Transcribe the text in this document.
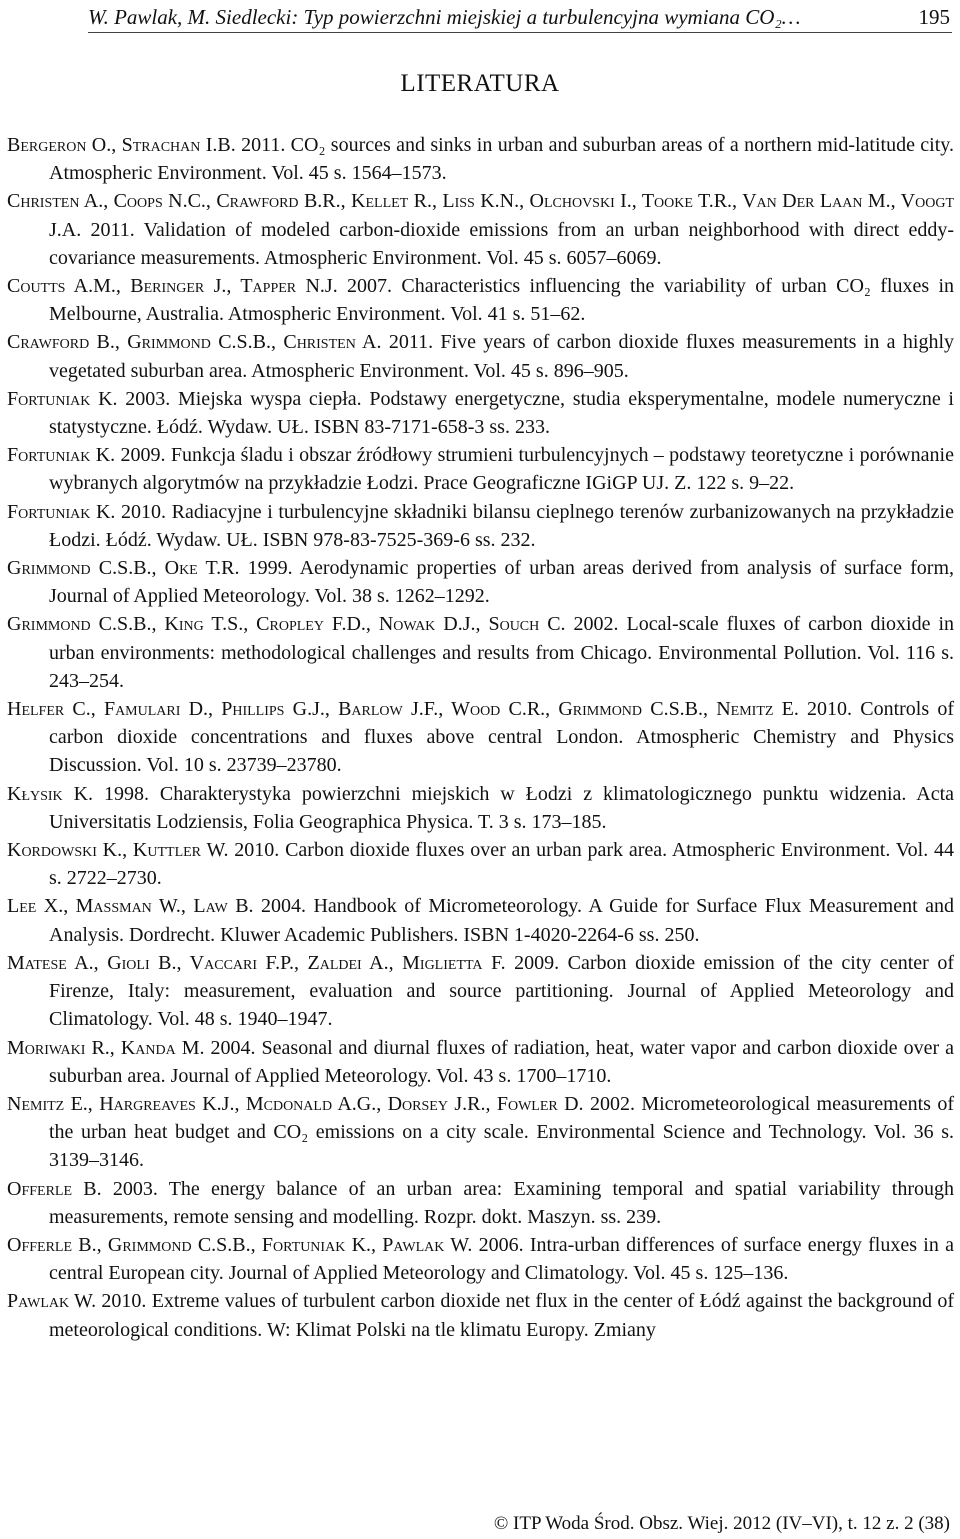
W. Pawlak, M. Siedlecki: Typ powierzchni miejskiej a turbulencyjna wymiana CO₂…	195
LITERATURA
Bergeron O., Strachan I.B. 2011. CO₂ sources and sinks in urban and suburban areas of a northern mid-latitude city. Atmospheric Environment. Vol. 45 s. 1564–1573.
Christen A., Coops N.C., Crawford B.R., Kellet R., Liss K.N., Olchovski I., Tooke T.R., Van Der Laan M., Voogt J.A. 2011. Validation of modeled carbon-dioxide emissions from an urban neighborhood with direct eddy-covariance measurements. Atmospheric Environment. Vol. 45 s. 6057–6069.
Coutts A.M., Beringer J., Tapper N.J. 2007. Characteristics influencing the variability of urban CO₂ fluxes in Melbourne, Australia. Atmospheric Environment. Vol. 41 s. 51–62.
Crawford B., Grimmond C.S.B., Christen A. 2011. Five years of carbon dioxide fluxes measurements in a highly vegetated suburban area. Atmospheric Environment. Vol. 45 s. 896–905.
Fortuniak K. 2003. Miejska wyspa ciepła. Podstawy energetyczne, studia eksperymentalne, modele numeryczne i statystyczne. Łódź. Wydaw. UŁ. ISBN 83-7171-658-3 ss. 233.
Fortuniak K. 2009. Funkcja śladu i obszar źródłowy strumieni turbulencyjnych – podstawy teoretyczne i porównanie wybranych algorytmów na przykładzie Łodzi. Prace Geograficzne IGiGP UJ. Z. 122 s. 9–22.
Fortuniak K. 2010. Radiacyjne i turbulencyjne składniki bilansu cieplnego terenów zurbanizowanych na przykładzie Łodzi. Łódź. Wydaw. UŁ. ISBN 978-83-7525-369-6 ss. 232.
Grimmond C.S.B., Oke T.R. 1999. Aerodynamic properties of urban areas derived from analysis of surface form, Journal of Applied Meteorology. Vol. 38 s. 1262–1292.
Grimmond C.S.B., King T.S., Cropley F.D., Nowak D.J., Souch C. 2002. Local-scale fluxes of carbon dioxide in urban environments: methodological challenges and results from Chicago. Environmental Pollution. Vol. 116 s. 243–254.
Helfer C., Famulari D., Phillips G.J., Barlow J.F., Wood C.R., Grimmond C.S.B., Nemitz E. 2010. Controls of carbon dioxide concentrations and fluxes above central London. Atmospheric Chemistry and Physics Discussion. Vol. 10 s. 23739–23780.
Kłysik K. 1998. Charakterystyka powierzchni miejskich w Łodzi z klimatologicznego punktu widzenia. Acta Universitatis Lodziensis, Folia Geographica Physica. T. 3 s. 173–185.
Kordowski K., Kuttler W. 2010. Carbon dioxide fluxes over an urban park area. Atmospheric Environment. Vol. 44 s. 2722–2730.
Lee X., Massman W., Law B. 2004. Handbook of Micrometeorology. A Guide for Surface Flux Measurement and Analysis. Dordrecht. Kluwer Academic Publishers. ISBN 1-4020-2264-6 ss. 250.
Matese A., Gioli B., Vaccari F.P., Zaldei A., Miglietta F. 2009. Carbon dioxide emission of the city center of Firenze, Italy: measurement, evaluation and source partitioning. Journal of Applied Meteorology and Climatology. Vol. 48 s. 1940–1947.
Moriwaki R., Kanda M. 2004. Seasonal and diurnal fluxes of radiation, heat, water vapor and carbon dioxide over a suburban area. Journal of Applied Meteorology. Vol. 43 s. 1700–1710.
Nemitz E., Hargreaves K.J., Mcdonald A.G., Dorsey J.R., Fowler D. 2002. Micrometeorological measurements of the urban heat budget and CO₂ emissions on a city scale. Environmental Science and Technology. Vol. 36 s. 3139–3146.
Offerle B. 2003. The energy balance of an urban area: Examining temporal and spatial variability through measurements, remote sensing and modelling. Rozpr. dokt. Maszyn. ss. 239.
Offerle B., Grimmond C.S.B., Fortuniak K., Pawlak W. 2006. Intra-urban differences of surface energy fluxes in a central European city. Journal of Applied Meteorology and Climatology. Vol. 45 s. 125–136.
Pawlak W. 2010. Extreme values of turbulent carbon dioxide net flux in the center of Łódź against the background of meteorological conditions. W: Klimat Polski na tle klimatu Europy. Zmiany
© ITP Woda Środ. Obsz. Wiej. 2012 (IV–VI), t. 12 z. 2 (38)
